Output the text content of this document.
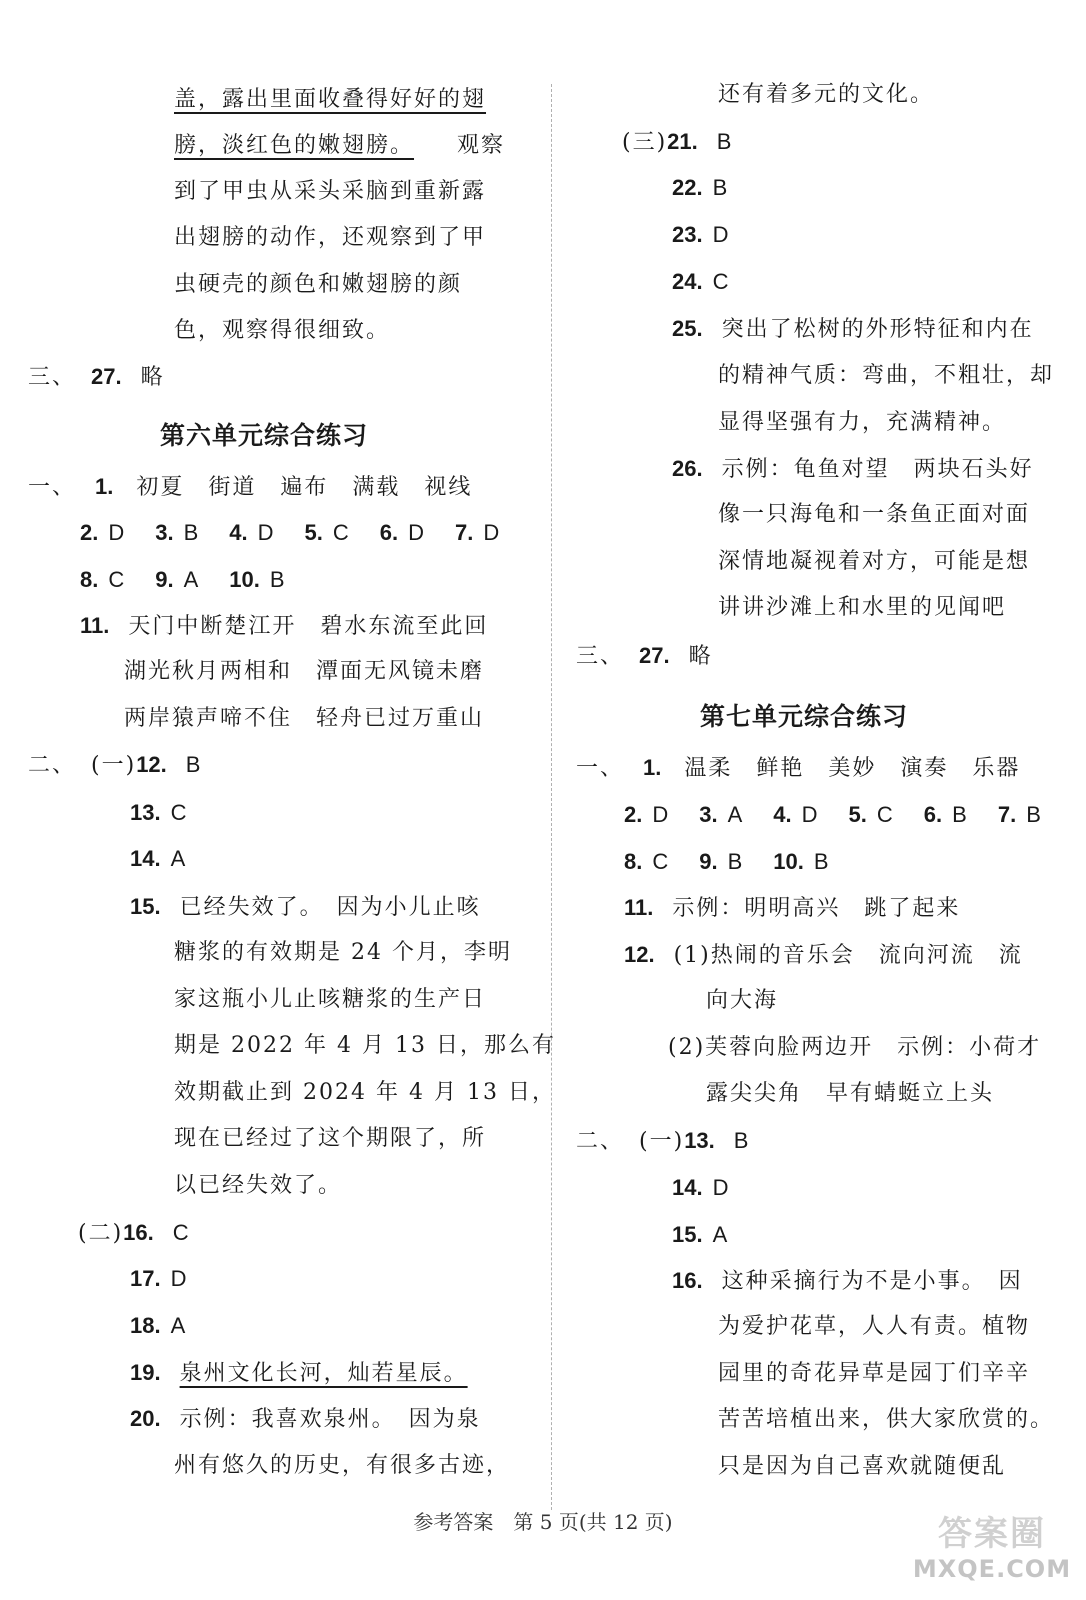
盖，露出里面收叠得好好的翅
膀，淡红色的嫩翅膀。 观察
到了甲虫从采头采脑到重新露
出翅膀的动作，还观察到了甲
虫硬壳的颜色和嫩翅膀的颜
色，观察得很细致。
三、 27. 略
第六单元综合练习
一、 1. 初夏　街道　遍布　满载　视线
2. D 3. B 4. D 5. C 6. D 7. D
8. C 9. A 10. B
11. 天门中断楚江开　碧水东流至此回
湖光秋月两相和　潭面无风镜未磨
两岸猿声啼不住　轻舟已过万重山
二、 (一)12. B
13. C
14. A
15. 已经失效了。　因为小儿止咳
糖浆的有效期是 24 个月，李明
家这瓶小儿止咳糖浆的生产日
期是 2022 年 4 月 13 日，那么有
效期截止到 2024 年 4 月 13 日，
现在已经过了这个期限了，所
以已经失效了。
(二)16. C
17. D
18. A
19. 泉州文化长河，灿若星辰。
20. 示例：我喜欢泉州。　因为泉
州有悠久的历史，有很多古迹，
还有着多元的文化。
(三)21. B
22. B
23. D
24. C
25. 突出了松树的外形特征和内在
的精神气质：弯曲，不粗壮，却
显得坚强有力，充满精神。
26. 示例：龟鱼对望　两块石头好
像一只海龟和一条鱼正面对面
深情地凝视着对方，可能是想
讲讲沙滩上和水里的见闻吧
三、 27. 略
第七单元综合练习
一、 1. 温柔　鲜艳　美妙　演奏　乐器
2. D 3. A 4. D 5. C 6. B 7. B
8. C 9. B 10. B
11. 示例：明明高兴　跳了起来
12. (1)热闹的音乐会　流向河流　流
向大海
(2)芙蓉向脸两边开　示例：小荷才
露尖尖角　早有蜻蜓立上头
二、 (一)13. B
14. D
15. A
16. 这种采摘行为不是小事。　因
为爱护花草，人人有责。植物
园里的奇花异草是园丁们辛辛
苦苦培植出来，供大家欣赏的。
只是因为自己喜欢就随便乱
参考答案　第 5 页(共 12 页)	答案圈
MXQE.COM
